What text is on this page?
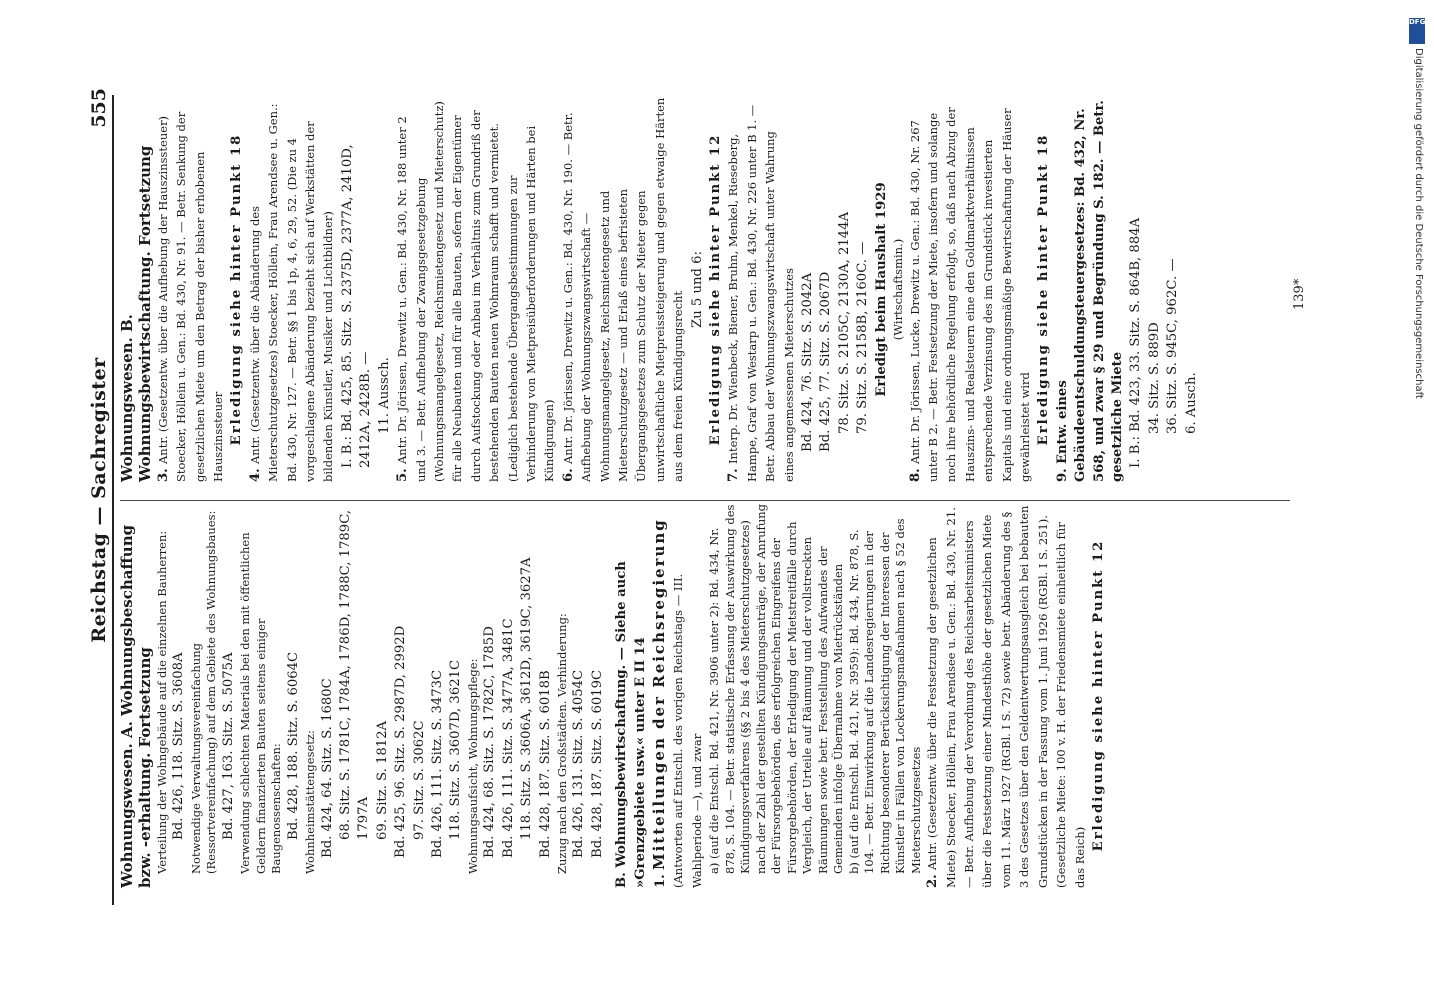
Reichstag — Sachregister
555

Wohnungswesen. A. Wohnungsbeschaffung bzw. -erhaltung. Fortsetzung Verteilung der Wohngebäude auf die einzelnen Bauherren: Bd. 426, 118. Sitz. S. 3608A Notwendige Verwaltungsvereinfachung (Ressortvereinfachung) auf dem Gebiete des Wohnungsbaues: Bd. 427, 163. Sitz. S. 5075A Verwendung schlechten Materials bei den mit öffentlichen Geldern finanzierten Bauten seitens einiger Baugenossenschaften: Bd. 428, 188. Sitz. S. 6064C Wohnheimstättengesetz: Bd. 424, 64. Sitz. S. 1680C 68. Sitz. S. 1781C, 1784A, 1786D, 1788C, 1789C, 1797A 69. Sitz. S. 1812A Bd. 425, 96. Sitz. S. 2987D, 2992D 97. Sitz. S. 3062C Bd. 426, 111. Sitz. S. 3473C 118. Sitz. S. 3607D, 3621C Wohnungsaufsicht, Wohnungspflege: Bd. 424, 68. Sitz. S. 1782C, 1785D Bd. 426, 111. Sitz. S. 3477A, 3481C 118. Sitz. S. 3606A, 3612D, 3619C, 3627A Bd. 428, 187. Sitz. S. 6018B Zuzug nach den Großstädten. Verhinderung: Bd. 426, 131. Sitz. S. 4054C Bd. 428, 187. Sitz. S. 6019C B. Wohnungsbewirtschaftung. — Siehe auch »Grenzgebiete usw.« unter E II 14 1.Mitteilungen der Reichsregierung (Antworten auf Entschl. des vorigen Reichstags — III. Wahlperiode —), und zwar a) (auf die Entschl. Bd. 421, Nr. 3906 unter 2): Bd. 434, Nr. 878, S. 104. — Betr. statistische Erfassung der Auswirkung des Kündigungsverfahrens (§§ 2 bis 4 des Mieterschutzgesetzes) nach der Zahl der gestellten Kündigungsanträge, der Anrufung der Fürsorgebehörden, des erfolgreichen Eingreifens der Fürsorgebehörden, der Erledigung der Mietstreitfälle durch Vergleich, der Urteile auf Räumung und der vollstreckten Räumungen sowie betr. Feststellung des Aufwandes der Gemeinden infolge Übernahme von Mietrückständen b) (auf die Entschl. Bd. 421, Nr. 3959): Bd. 434, Nr. 878, S. 104. — Betr. Einwirkung auf die Landesregierungen in der Richtung besonderer Berücksichtigung der Interessen der Künstler in Fällen von Lockerungsmaßnahmen nach § 52 des Mieterschutzgesetzes

2.Antr. (Gesetzentw. über die Festsetzung der gesetzlichen Miete) Stoecker, Höllein, Frau Arendsee u. Gen.: Bd. 430, Nr. 21. — Betr. Aufhebung der Verordnung des Reichsarbeitsministers über die Festsetzung einer Mindesthöhe der gesetzlichen Miete vom 11. März 1927 (RGBl. I S. 72) sowie betr. Abänderung des § 3 des Gesetzes über den Geldentwertungsausgleich bei bebauten Grundstücken in der Fassung vom 1. Juni 1926 (RGBl. I S. 251). (Gesetzliche Miete: 100 v. H. der Friedensmiete einheitlich für das Reich)

Erledigung siehe hinter Punkt 12

Wohnungswesen. B. Wohnungsbewirtschaftung. Fortsetzung 3.Antr. (Gesetzentw. über die Aufhebung der Hauszinssteuer) Stoecker, Höllein u. Gen.: Bd. 430, Nr. 91. — Betr. Senkung der gesetzlichen Miete um den Betrag der bisher erhobenen Hauszinssteuer Erledigung siehe hinter Punkt 18

4.Antr. (Gesetzentw. über die Abänderung des Mieterschutzgesetzes) Stoecker, Höllein, Frau Arendsee u. Gen.: Bd. 430, Nr. 127. — Betr. §§ 1 bis 1p, 4, 6, 29, 52. (Die zu 4 vorgeschlagene Abänderung bezieht sich auf Werkstätten der bildenden Künstler, Musiker und Lichtbildner) I. B.: Bd. 425, 85. Sitz. S. 2375D, 2377A, 2410D, 2412A, 2428B. — 11. Aussch.

5.Antr. Dr. Jörissen, Drewitz u. Gen.: Bd. 430, Nr. 188 unter 2 und 3. — Betr. Aufhebung der Zwangsgesetzgebung (Wohnungsmangelgesetz, Reichsmietengesetz und Mieterschutz) für alle Neubauten und für alle Bauten, sofern der Eigentümer durch Aufstockung oder Anbau im Verhältnis zum Grundriß der bestehenden Bauten neuen Wohnraum schafft und vermietet. (Lediglich bestehende Übergangsbestimmungen zur Verhinderung von Mietpreisüberforderungen und Härten bei Kündigungen) 6.Antr. Dr. Jörissen, Drewitz u. Gen.: Bd. 430, Nr. 190. — Betr. Aufhebung der Wohnungszwangswirtschaft — Wohnungsmangelgesetz, Reichsmietengesetz und Mieterschutzgesetz — und Erlaß eines befristeten Übergangsgesetzes zum Schutz der Mieter gegen unwirtschaftliche Mietpreissteigerung und gegen etwaige Härten aus dem freien Kündigungsrecht

Zu 5 und 6: Erledigung siehe hinter Punkt 12

7.Interp. Dr. Wienbeck, Biener, Bruhn, Menkel, Rieseberg, Hampe, Graf von Westarp u. Gen.: Bd. 430, Nr. 226 unter B 1. — Betr. Abbau der Wohnungszwangswirtschaft unter Wahrung eines angemessenen Mieterschutzes Bd. 424, 76. Sitz. S. 2042A Bd. 425, 77. Sitz. S. 2067D 78. Sitz. S. 2105C, 2130A, 2144A 79. Sitz. S. 2158B, 2160C. — Erledigt beim Haushalt 1929 (Wirtschaftsmin.)

8.Antr. Dr. Jörissen, Lucke, Drewitz u. Gen.: Bd. 430, Nr. 267 unter B 2. — Betr. Festsetzung der Miete, insofern und solange noch ihre behördliche Regelung erfolgt, so, daß nach Abzug der Hauszins- und Realsteuern eine den Goldmarktverhältnissen entsprechende Verzinsung des im Grundstück investierten Kapitals und eine ordnungsmäßige Bewirtschaftung der Häuser gewährleistet wird Erledigung siehe hinter Punkt 18

9.Entw. eines Gebäudeentschuldungsteuergesetzes: Bd. 432, Nr. 568, und zwar § 29 und Begründung S. 182. — Betr. gesetzliche Miete I. B.: Bd. 423, 33. Sitz. S. 864B, 884A 34. Sitz. S. 889D 36. Sitz. S. 945C, 962C. — 6. Ausch.

139*
DFG
Digitalisierung gefördert durch die Deutsche Forschungsgemeinschaft
